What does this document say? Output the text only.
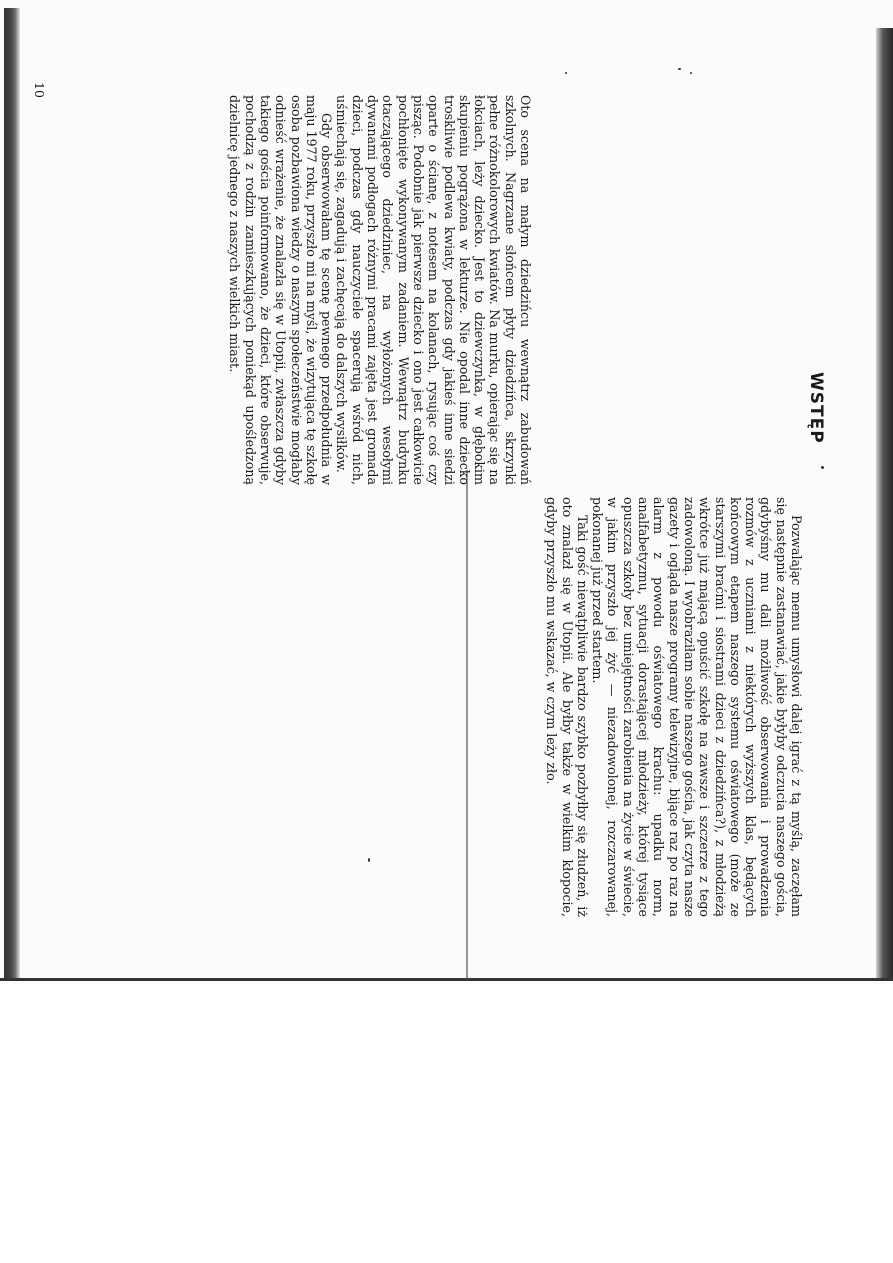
10
WSTĘP

Oto scena na małym dziedzińcu wewnątrz zabudowań szkolnych. Nagrzane słońcem płyty dziedzińca, skrzynki pełne różnokolorowych kwiatów. Na murku, opierając się na łokciach, leży dziecko. Jest to dziewczynka, w głębokim skupieniu pogrążona w lekturze. Nie opodal inne dziecko troskliwie podlewa kwiaty, podczas gdy jakieś inne siedzi oparte o ścianę, z notesem na kolanach, rysując coś czy pisząc. Podobnie jak pierwsze dziecko i ono jest całkowicie pochłonięte wykonywanym zadaniem. Wewnątrz budynku otaczającego dziedziniec, na wyłożonych wesołymi dywanami podłogach różnymi pracami zajęta jest gromada dzieci, podczas gdy nauczyciele spacerują wśród nich, uśmiechają się, zagadują i zachęcają do dalszych wysiłków.

Gdy obserwowałam tę scenę pewnego przedpołudnia w maju 1977 roku, przyszło mi na myśl, że wizytująca tę szkołę osoba pozbawiona wiedzy o naszym społeczeństwie mogłaby odnieść wrażenie, że znalazła się w Utopii, zwłaszcza gdyby takiego gościa poinformowano, że dzieci, które obserwuje, pochodzą z rodzin zamieszkujących poniekąd upośledzoną dzielnicę jednego z naszych wielkich miast.

Pozwalając memu umysłowi dalej igrać z tą myślą, zaczęłam się następnie zastanawiać, jakie byłyby odczucia naszego gościa, gdybyśmy mu dali możliwość obserwowania i prowadzenia rozmów z uczniami z niektórych wyższych klas, będących końcowym etapem naszego systemu oświatowego (może ze starszymi braćmi i siostrami dzieci z dziedzińca?), z młodzieżą wkrótce już mającą opuścić szkołę na zawsze i szczerze z tego zadowoloną. I wyobraziłam sobie naszego gościa, jak czyta nasze gazety i ogląda nasze programy telewizyjne, bijące raz po raz na alarm z powodu oświatowego krachu: upadku norm, analfabetyzmu, sytuacji dorastającej młodzieży, której tysiące opuszcza szkoły bez umiejętności zarobienia na życie w świecie, w jakim przyszło jej żyć — niezadowolonej, rozczarowanej, pokonanej już przed startem.

Taki gość niewątpliwie bardzo szybko pozbyłby się złudzeń, iż oto znalazł się w Utopii. Ale byłby także w wielkim kłopocie, gdyby przyszło mu wskazać, w czym leży zło.
